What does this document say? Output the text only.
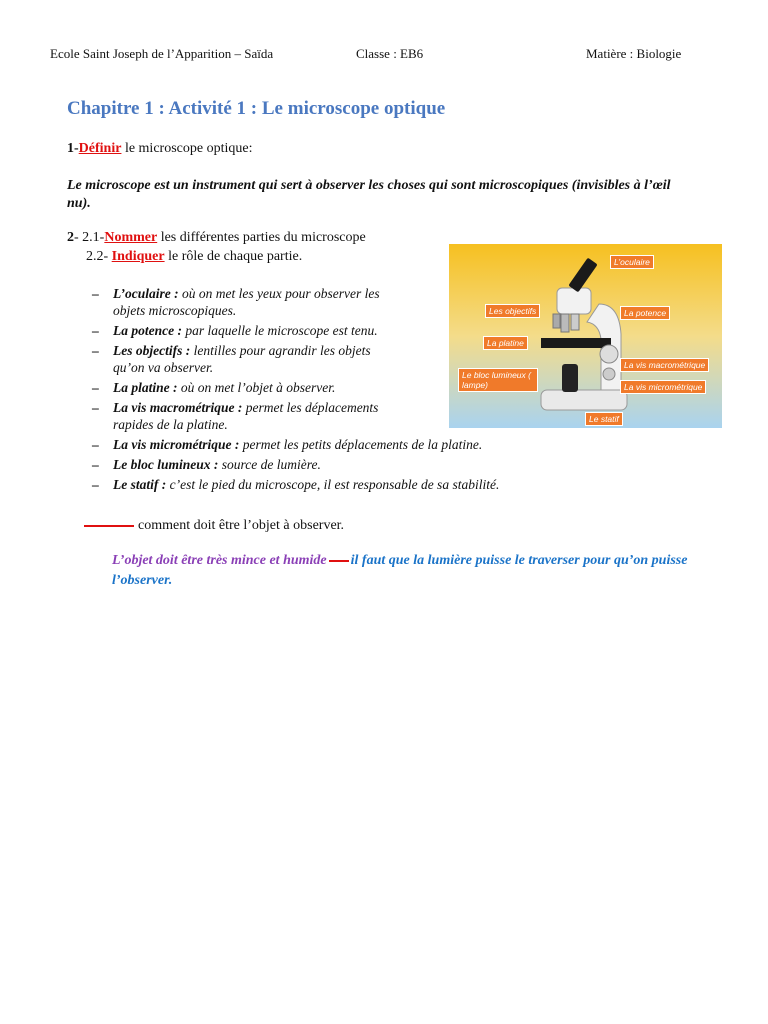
Ecole Saint Joseph de l’Apparition – Saïda	Classe : EB6	Matière : Biologie
Chapitre 1 : Activité 1 : Le microscope optique
1-Définir le microscope optique:
Le microscope est un instrument qui sert à observer les choses qui sont microscopiques (invisibles à l’œil nu).
2- 2.1-Nommer les différentes parties du microscope
2.2- Indiquer le rôle de chaque partie.
– L’oculaire : où on met les yeux pour observer les objets microscopiques.
– La potence : par laquelle le microscope est tenu.
– Les objectifs : lentilles pour agrandir les objets qu’on va observer.
– La platine : où on met l’objet à observer.
– La vis macrométrique : permet les déplacements rapides de la platine.
– La vis micrométrique : permet les petits déplacements de la platine.
– Le bloc lumineux : source de lumière.
– Le statif : c’est le pied du microscope, il est responsable de sa stabilité.
comment doit être l’objet à observer.
L’objet doit être très mince et humide il faut que la lumière puisse le traverser pour qu’on puisse l’observer.
L’oculaire
Les objectifs	La potence
La platine
La vis macrométrique
Le bloc lumineux ( lampe)	La vis micrométrique
Le statif
